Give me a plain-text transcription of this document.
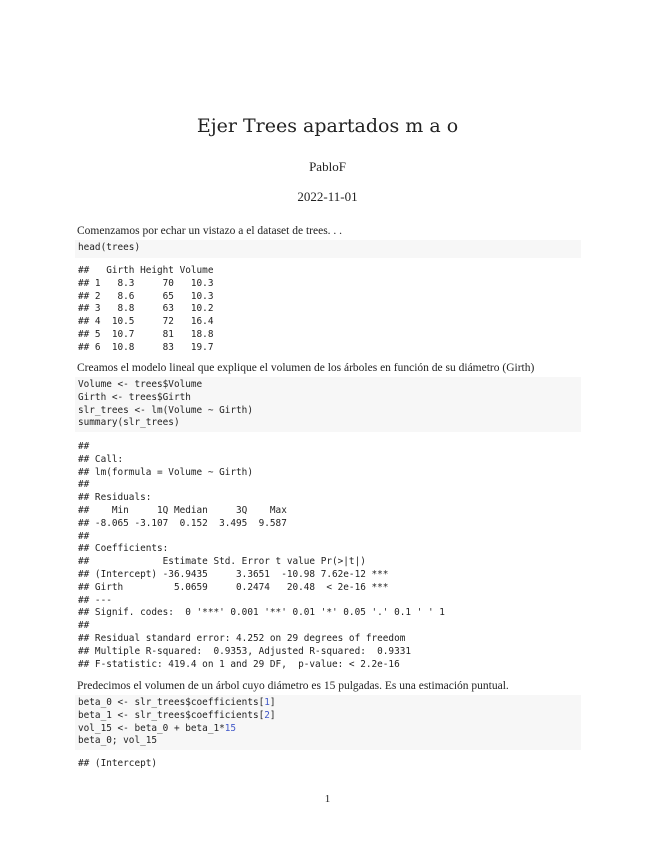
Ejer Trees apartados m a o
PabloF
2022-11-01
Comenzamos por echar un vistazo a el dataset de trees. . .
head(trees)
##   Girth Height Volume
## 1   8.3     70   10.3
## 2   8.6     65   10.3
## 3   8.8     63   10.2
## 4  10.5     72   16.4
## 5  10.7     81   18.8
## 6  10.8     83   19.7
Creamos el modelo lineal que explique el volumen de los árboles en función de su diámetro (Girth)
Volume <- trees$Volume
Girth <- trees$Girth
slr_trees <- lm(Volume ~ Girth)
summary(slr_trees)
##
## Call:
## lm(formula = Volume ~ Girth)
##
## Residuals:
##    Min     1Q Median     3Q    Max
## -8.065 -3.107  0.152  3.495  9.587
##
## Coefficients:
##             Estimate Std. Error t value Pr(>|t|)
## (Intercept) -36.9435     3.3651  -10.98 7.62e-12 ***
## Girth         5.0659     0.2474   20.48  < 2e-16 ***
## ---
## Signif. codes:  0 '***' 0.001 '**' 0.01 '*' 0.05 '.' 0.1 ' ' 1
##
## Residual standard error: 4.252 on 29 degrees of freedom
## Multiple R-squared:  0.9353, Adjusted R-squared:  0.9331
## F-statistic: 419.4 on 1 and 29 DF,  p-value: < 2.2e-16
Predecimos el volumen de un árbol cuyo diámetro es 15 pulgadas. Es una estimación puntual.
beta_0 <- slr_trees$coefficients[1]
beta_1 <- slr_trees$coefficients[2]
vol_15 <- beta_0 + beta_1*15
beta_0; vol_15
## (Intercept)
1
